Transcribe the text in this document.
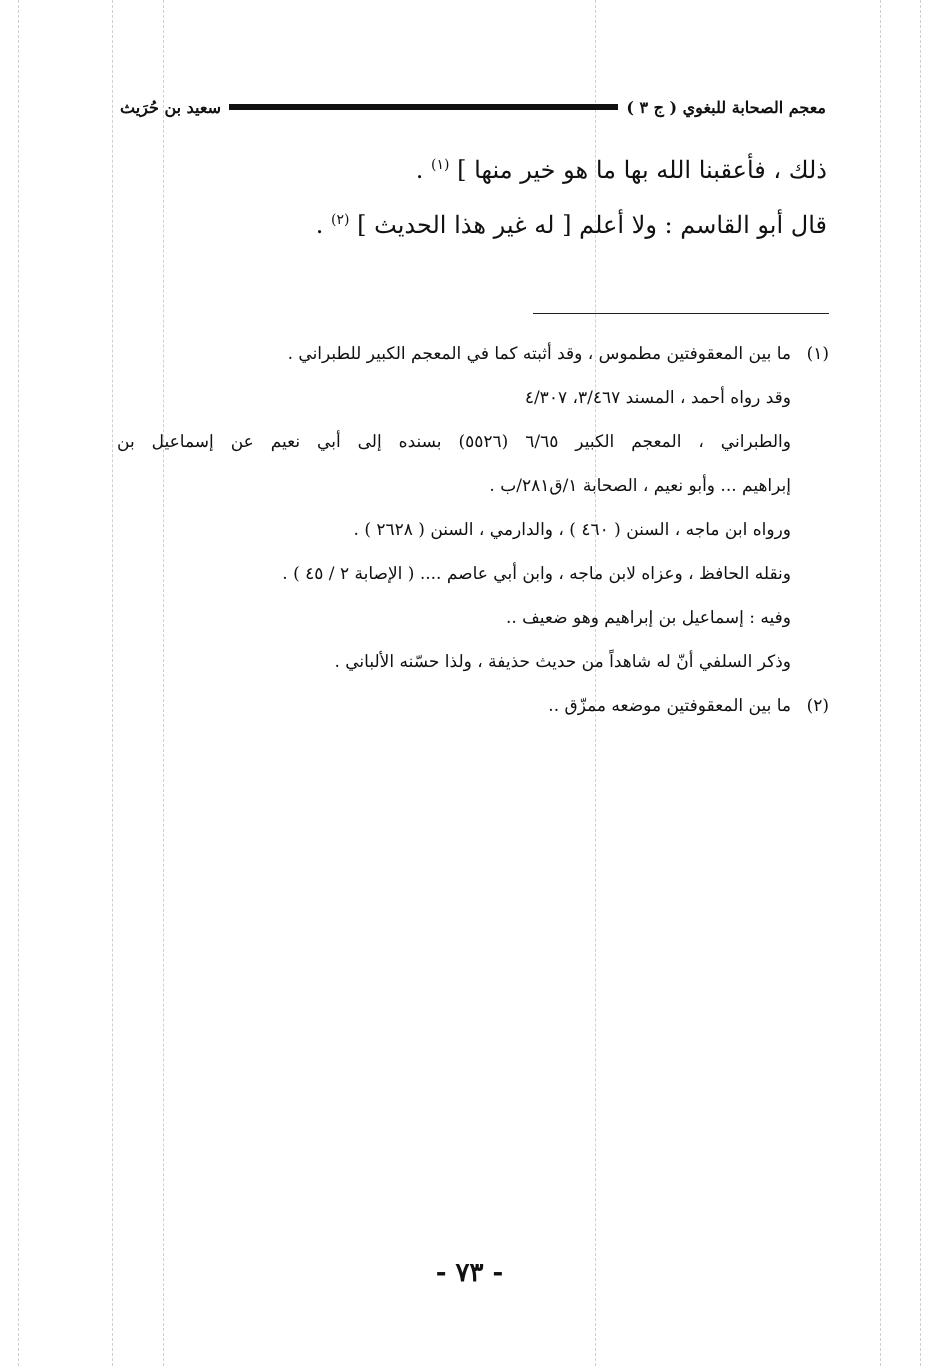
معجم الصحابة للبغوي ( ج ٣ )
سعيد بن حُرَيث
ذلك ، فأعقبنا الله بها ما هو خير منها ] $^{(١)}$ .
قال أبو القاسم : ولا أعلم [ له غير هذا الحديث ] $^{(٢)}$ .
(١)ما بين المعقوفتين مطموس ، وقد أثبته كما في المعجم الكبير للطبراني .
وقد رواه أحمد ، المسند ٣/٤٦٧، ٤/٣٠٧
والطبراني ، المعجم الكبير ٦/٦٥ (٥٥٢٦) بسنده إلى أبي نعيم عن إسماعيل بن
إبراهيم ... وأبو نعيم ، الصحابة ١/ق٢٨١/ب .
ورواه ابن ماجه ، السنن ( ٤٦٠ ) ، والدارمي ، السنن ( ٢٦٢٨ ) .
ونقله الحافظ ، وعزاه لابن ماجه ، وابن أبي عاصم .... ( الإصابة ٢ / ٤٥ ) .
وفيه : إسماعيل بن إبراهيم وهو ضعيف ..
وذكر السلفي أنّ له شاهداً من حديث حذيفة ، ولذا حسّنه الألباني .
(٢)ما بين المعقوفتين موضعه ممزّق ..
- ٧٣ -
